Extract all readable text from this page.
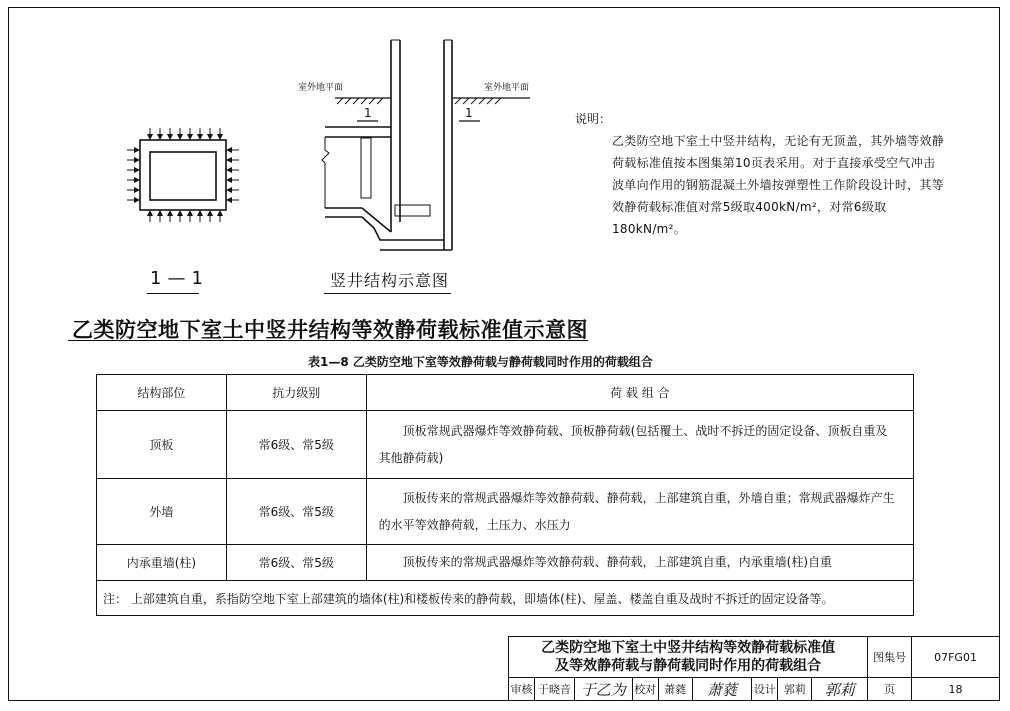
室外地平面	室外地平面
1	1
1—1	竖井结构示意图
说明：
乙类防空地下室土中竖井结构，无论有无顶盖，其外墙等效静荷载标准值按本图集第10页表采用。对于直接承受空气冲击波单向作用的钢筋混凝土外墙按弹塑性工作阶段设计时，其等效静荷载标准值对常5级取400kN/m²，对常6级取180kN/m²。
乙类防空地下室土中竖井结构等效静荷载标准值示意图
表1—8 乙类防空地下室等效静荷载与静荷载同时作用的荷载组合
结构部位	抗力级别	荷 载 组 合
顶板	常6级、常5级	顶板常规武器爆炸等效静荷载、顶板静荷载(包括覆土、战时不拆迁的固定设备、顶板自重及其他静荷载)

外墙	常6级、常5级	顶板传来的常规武器爆炸等效静荷载、静荷载，上部建筑自重，外墙自重；常规武器爆炸产生的水平等效静荷载，土压力、水压力

内承重墙(柱)	常6级、常5级	顶板传来的常规武器爆炸等效静荷载、静荷载，上部建筑自重，内承重墙(柱)自重

注： 上部建筑自重，系指防空地下室上部建筑的墙体(柱)和楼板传来的静荷载，即墙体(柱)、屋盖、楼盖自重及战时不拆迁的固定设备等。		
乙类防空地下室土中竖井结构等效静荷载标准值
及等效静荷载与静荷载同时作用的荷载组合									图集号	07FG01
审核	于晓音	于乙为	校对	萧蕤	萧蕤	设计	郭莉	郭莉	页	18
